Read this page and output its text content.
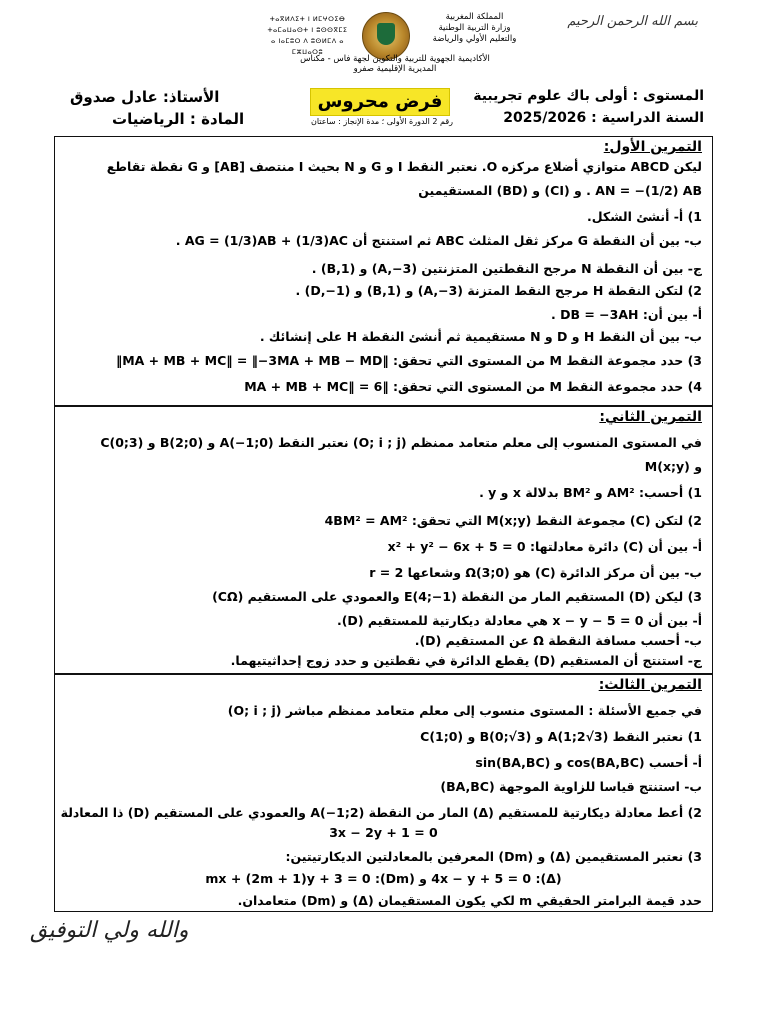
بسم الله الرحمن الرحيم
المملكة المغربية
وزارة التربية الوطنية
والتعليم الأولي والرياضة
ⵜⴰⴳⵍⴷⵉⵜ ⵏ ⵍⵎⵖⵔⵉⴱ
ⵜⴰⵎⴰⵡⴰⵙⵜ ⵏ ⵓⵙⵙⴳⵎⵉ
ⴰ ⵏⴰⵎⵓⵔ ⴷ ⵓⵙⵍⵎⴷ ⴰ ⵎⵣⵡⴰⵔⵓ
الأكاديمية الجهوية للتربية والتكوين لجهة فاس - مكناس
المديرية الإقليمية صفرو
المستوى : أولى باك علوم تجريبية
السنة الدراسية : 2025/2026
الأستاذ: عادل صدوق
المادة : الرياضيات
فرض محروس
رقم 2 الدورة الأولى ؛ مدة الإنجاز : ساعتان
التمرين الأول:
ليكن ABCD متوازي أضلاع مركزه O. نعتبر النقط I و G و N بحيث I منتصف [AB] و G نقطة تقاطع
AN = −(1/2) AB . و (CI) و (BD) المستقيمين
1) أ- أنشئ الشكل.
ب- بين أن النقطة G مركز ثقل المثلث ABC ثم استنتج أن AG = (1/3)AB + (1/3)AC .
ج- بين أن النقطة N مرجح النقطتين المتزنتين (A,−3) و (B,1) .
2) لتكن النقطة H مرجح النقط المتزنة (A,−3) و (B,1) و (D,−1) .
أ- بين أن: DB = −3AH .
ب- بين أن النقط H و D و N مستقيمية ثم أنشئ النقطة H على إنشائك .
3) حدد مجموعة النقط M من المستوى التي تحقق: ‖MA + MB + MC‖ = ‖−3MA + MB − MD‖
4) حدد مجموعة النقط M من المستوى التي تحقق: ‖MA + MB + MC‖ = 6
التمرين الثاني:
في المستوى المنسوب إلى معلم متعامد ممنظم (O; i ; j) نعتبر النقط A(−1;0) و B(2;0) و C(0;3)
و M(x;y)
1) أحسب: AM² و BM² بدلالة x و y .
2) لتكن (C) مجموعة النقط M(x;y) التي تحقق: 4BM² = AM²
أ- بين أن (C) دائرة معادلتها: x² + y² − 6x + 5 = 0
ب- بين أن مركز الدائرة (C) هو Ω(3;0) وشعاعها r = 2
3) ليكن (D) المستقيم المار من النقطة E(4;−1) والعمودي على المستقيم (CΩ)
أ- بين أن x − y − 5 = 0 هي معادلة ديكارتية للمستقيم (D).
ب- أحسب مسافة النقطة Ω عن المستقيم (D).
ج- استنتج أن المستقيم (D) يقطع الدائرة في نقطتين و حدد زوج إحداثيتيهما.
التمرين الثالث:
في جميع الأسئلة : المستوى منسوب إلى معلم متعامد ممنظم مباشر (O; i ; j)
1) نعتبر النقط A(1;2√3) و B(0;√3) و C(1;0)
أ- أحسب cos(BA,BC) و sin(BA,BC)
ب- استنتج قياسا للزاوية الموجهة (BA,BC)
2) أعط معادلة ديكارتية للمستقيم (Δ) المار من النقطة A(−1;2) والعمودي على المستقيم (D) ذا المعادلة
3x − 2y + 1 = 0
3) نعتبر المستقيمين (Δ) و (Dm) المعرفين بالمعادلتين الديكارتيتين:
(Δ): 4x − y + 5 = 0 و (Dm): mx + (2m + 1)y + 3 = 0
حدد قيمة البرامتر الحقيقي m لكي يكون المستقيمان (Δ) و (Dm) متعامدان.
والله ولي التوفيق
